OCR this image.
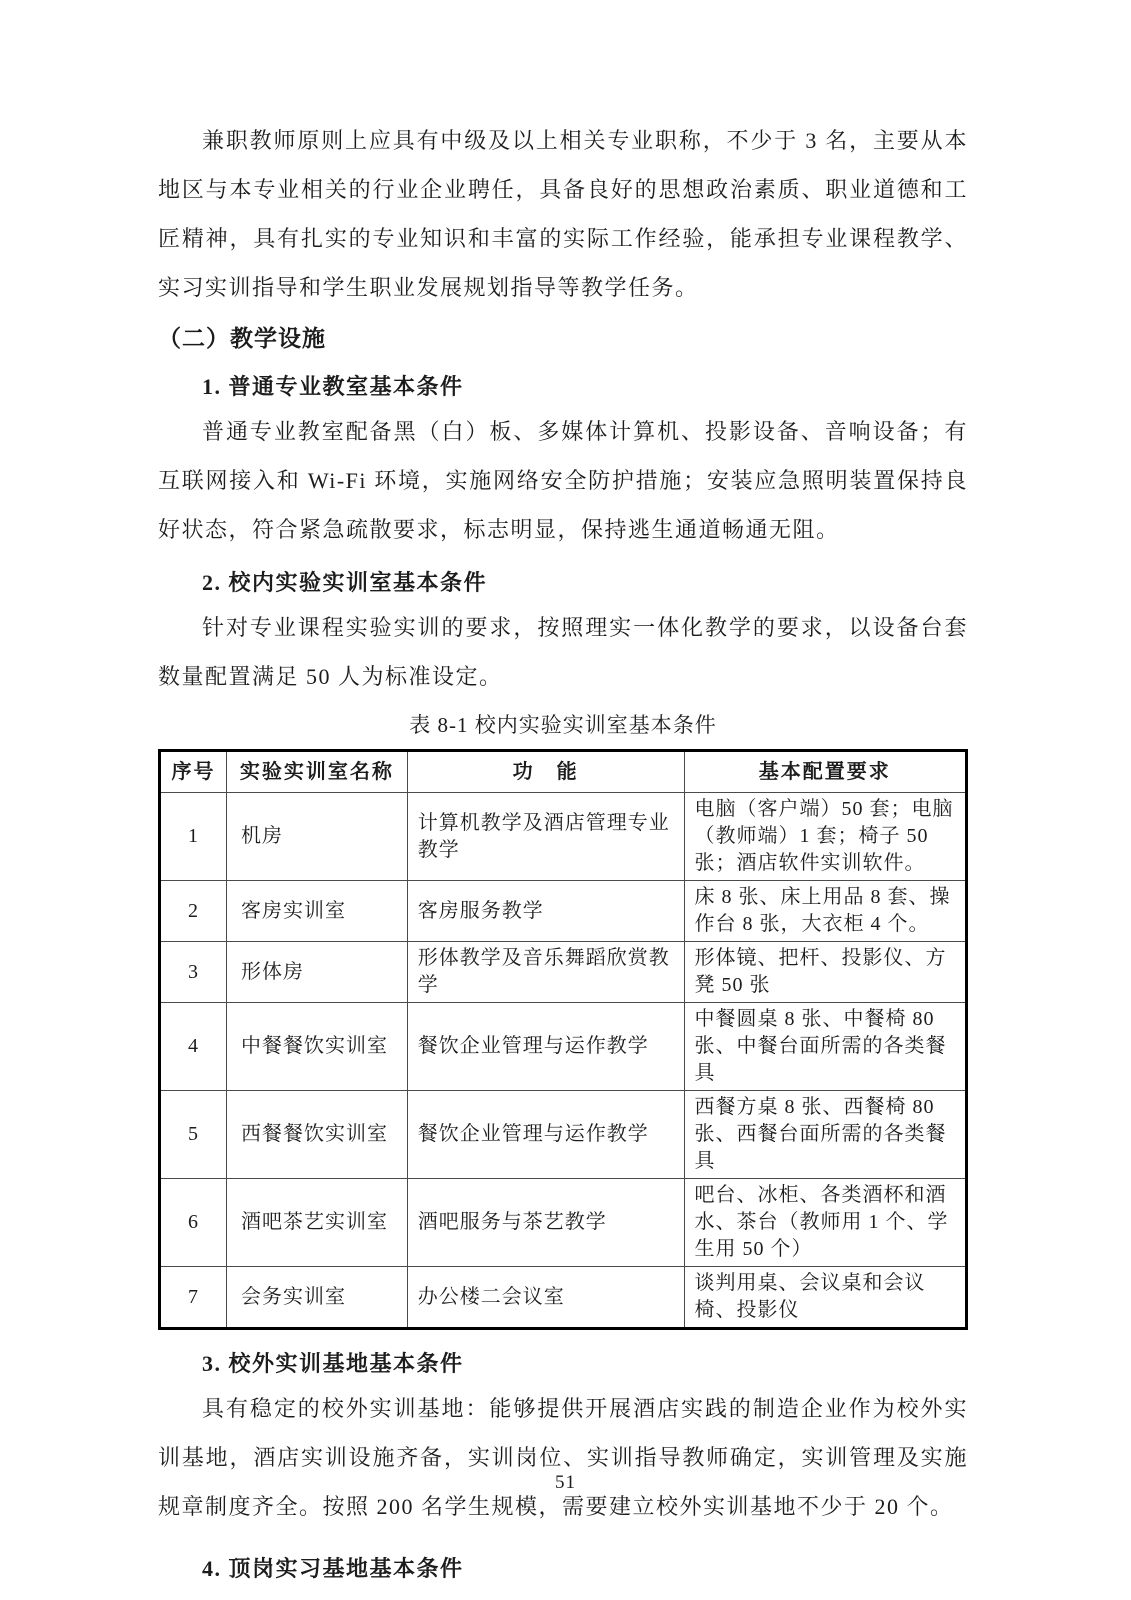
兼职教师原则上应具有中级及以上相关专业职称，不少于 3 名，主要从本地区与本专业相关的行业企业聘任，具备良好的思想政治素质、职业道德和工匠精神，具有扎实的专业知识和丰富的实际工作经验，能承担专业课程教学、实习实训指导和学生职业发展规划指导等教学任务。

（二）教学设施
1. 普通专业教室基本条件

普通专业教室配备黑（白）板、多媒体计算机、投影设备、音响设备；有互联网接入和 Wi-Fi 环境，实施网络安全防护措施；安装应急照明装置保持良好状态，符合紧急疏散要求，标志明显，保持逃生通道畅通无阻。

2. 校内实验实训室基本条件

针对专业课程实验实训的要求，按照理实一体化教学的要求，以设备台套数量配置满足 50 人为标准设定。

表 8-1 校内实验实训室基本条件
序号	实验实训室名称	功　能	基本配置要求
1	机房	计算机教学及酒店管理专业教学	电脑（客户端）50 套；电脑（教师端）1 套；椅子 50 张；酒店软件实训软件。
2	客房实训室	客房服务教学	床 8 张、床上用品 8 套、操作台 8 张，大衣柜 4 个。
3	形体房	形体教学及音乐舞蹈欣赏教学	形体镜、把杆、投影仪、方凳 50 张
4	中餐餐饮实训室	餐饮企业管理与运作教学	中餐圆桌 8 张、中餐椅 80 张、中餐台面所需的各类餐具
5	西餐餐饮实训室	餐饮企业管理与运作教学	西餐方桌 8 张、西餐椅 80 张、西餐台面所需的各类餐具
6	酒吧茶艺实训室	酒吧服务与茶艺教学	吧台、冰柜、各类酒杯和酒水、茶台（教师用 1 个、学生用 50 个）
7	会务实训室	办公楼二会议室	谈判用桌、会议桌和会议椅、投影仪
3. 校外实训基地基本条件

具有稳定的校外实训基地：能够提供开展酒店实践的制造企业作为校外实训基地，酒店实训设施齐备，实训岗位、实训指导教师确定，实训管理及实施规章制度齐全。按照 200 名学生规模，需要建立校外实训基地不少于 20 个。

4. 顶岗实习基地基本条件
51
